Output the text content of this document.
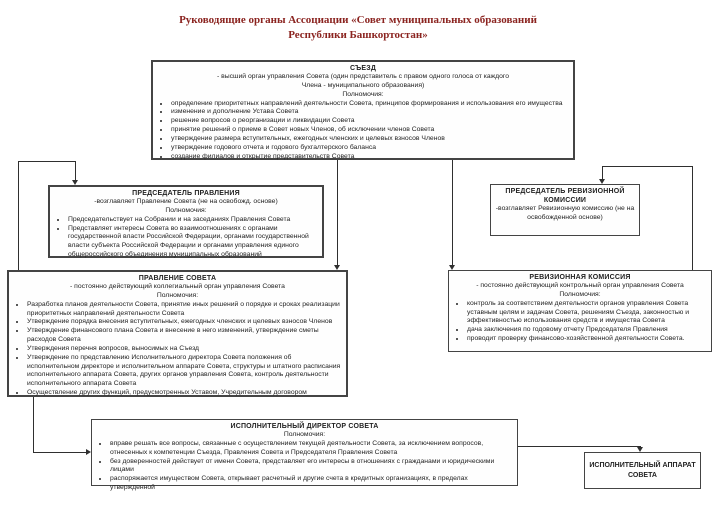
Руководящие органы Ассоциации «Совет муниципальных образований
Республики Башкортостан»
СЪЕЗД
- высший орган управления Совета (один представитель с правом одного голоса от каждого
Члена - муниципального образования)
Полномочия:
• определение приоритетных направлений деятельности Совета, принципов формирования и использования его имущества
• изменение и дополнение Устава Совета
• решение вопросов о реорганизации и ликвидации Совета
• принятие решений о приеме в Совет новых Членов, об исключении членов Совета
• утверждение размера вступительных, ежегодных членских и целевых взносов Членов
• утверждение годового отчета и годового бухгалтерского баланса
• создание филиалов и открытие представительств Совета
ПРЕДСЕДАТЕЛЬ ПРАВЛЕНИЯ
-возглавляет Правление Совета (не на освобожд. основе)
Полномочия:
• Председательствует на Собрании и на заседаниях Правления Совета
• Представляет интересы Совета во взаимоотношениях с органами государственной власти Российской Федерации, органами государственной власти субъекта Российской Федерации и органами управления единого общероссийского объединения муниципальных образований
ПРЕДСЕДАТЕЛЬ РЕВИЗИОННОЙ КОМИССИИ
-возглавляет Ревизионную комиссию (не на
освобожденной основе)
ПРАВЛЕНИЕ СОВЕТА
- постоянно действующий коллегиальный орган управления Совета
Полномочия:
• Разработка планов деятельности Совета, принятие иных решений о порядке и сроках реализации приоритетных направлений деятельности Совета
• Утверждение порядка внесения вступительных, ежегодных членских и целевых взносов Членов
• Утверждение финансового плана Совета и внесение в него изменений, утверждение сметы расходов Совета
• Утверждения перечня вопросов, выносимых на Съезд
• Утверждение по представлению Исполнительного директора Совета положения об исполнительном директоре и исполнительном аппарате Совета, структуры и штатного расписания исполнительного аппарата Совета, других органов управления Совета, контроль деятельности исполнительного аппарата Совета
• Осуществление других функций, предусмотренных Уставом, Учредительным договором
РЕВИЗИОННАЯ КОМИССИЯ
- постоянно действующий контрольный орган управления Совета
Полномочия:
• контроль за соответствием деятельности органов управления Совета уставным целям и задачам Совета, решениям Съезда, законностью и эффективностью использования средств и имущества Совета
• дача заключения по годовому отчету Председателя Правления
• проводит проверку финансово-хозяйственной деятельности Совета.
ИСПОЛНИТЕЛЬНЫЙ ДИРЕКТОР СОВЕТА
Полномочия:
• вправе решать все вопросы, связанные с осуществлением текущей деятельности Совета, за исключением вопросов, отнесенных к компетенции Съезда, Правления Совета и Председателя Правления Совета
• без доверенностей действует от имени Совета, представляет его интересы в отношениях с гражданами и юридическими лицами
• распоряжается имуществом Совета, открывает расчетный и другие счета в кредитных организациях, в пределах утвержденной
ИСПОЛНИТЕЛЬНЫЙ АППАРАТ СОВЕТА
